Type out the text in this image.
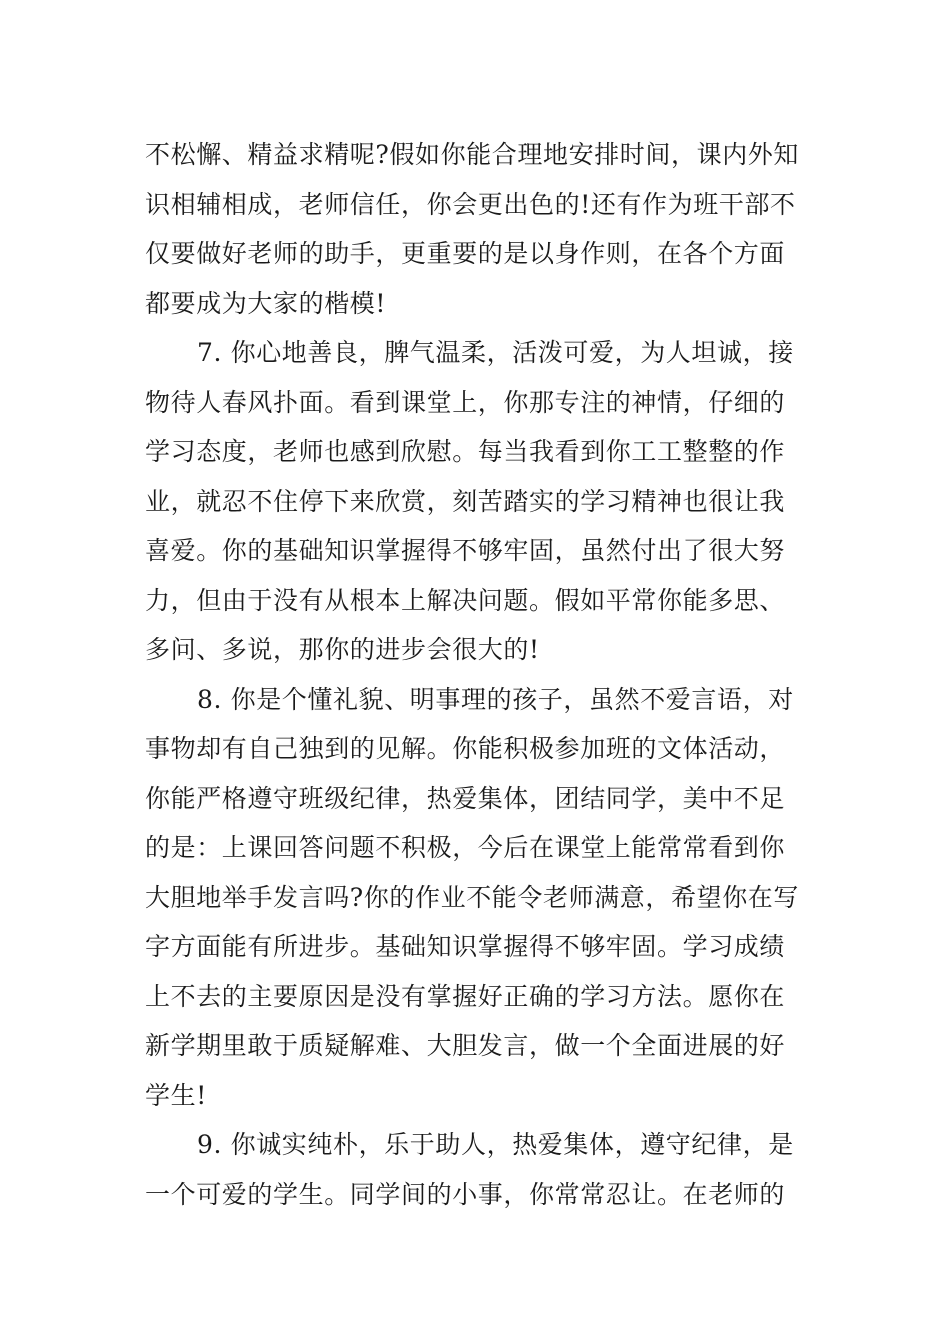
不松懈、精益求精呢?假如你能合理地安排时间，课内外知
识相辅相成，老师信任，你会更出色的!还有作为班干部不
仅要做好老师的助手，更重要的是以身作则，在各个方面
都要成为大家的楷模!
7. 你心地善良，脾气温柔，活泼可爱，为人坦诚，接
物待人春风扑面。看到课堂上，你那专注的神情，仔细的
学习态度，老师也感到欣慰。每当我看到你工工整整的作
业，就忍不住停下来欣赏，刻苦踏实的学习精神也很让我
喜爱。你的基础知识掌握得不够牢固，虽然付出了很大努
力，但由于没有从根本上解决问题。假如平常你能多思、
多问、多说，那你的进步会很大的!
8. 你是个懂礼貌、明事理的孩子，虽然不爱言语，对
事物却有自己独到的见解。你能积极参加班的文体活动，
你能严格遵守班级纪律，热爱集体，团结同学，美中不足
的是：上课回答问题不积极，今后在课堂上能常常看到你
大胆地举手发言吗?你的作业不能令老师满意，希望你在写
字方面能有所进步。基础知识掌握得不够牢固。学习成绩
上不去的主要原因是没有掌握好正确的学习方法。愿你在
新学期里敢于质疑解难、大胆发言，做一个全面进展的好
学生!
9. 你诚实纯朴，乐于助人，热爱集体，遵守纪律，是
一个可爱的学生。同学间的小事，你常常忍让。在老师的
